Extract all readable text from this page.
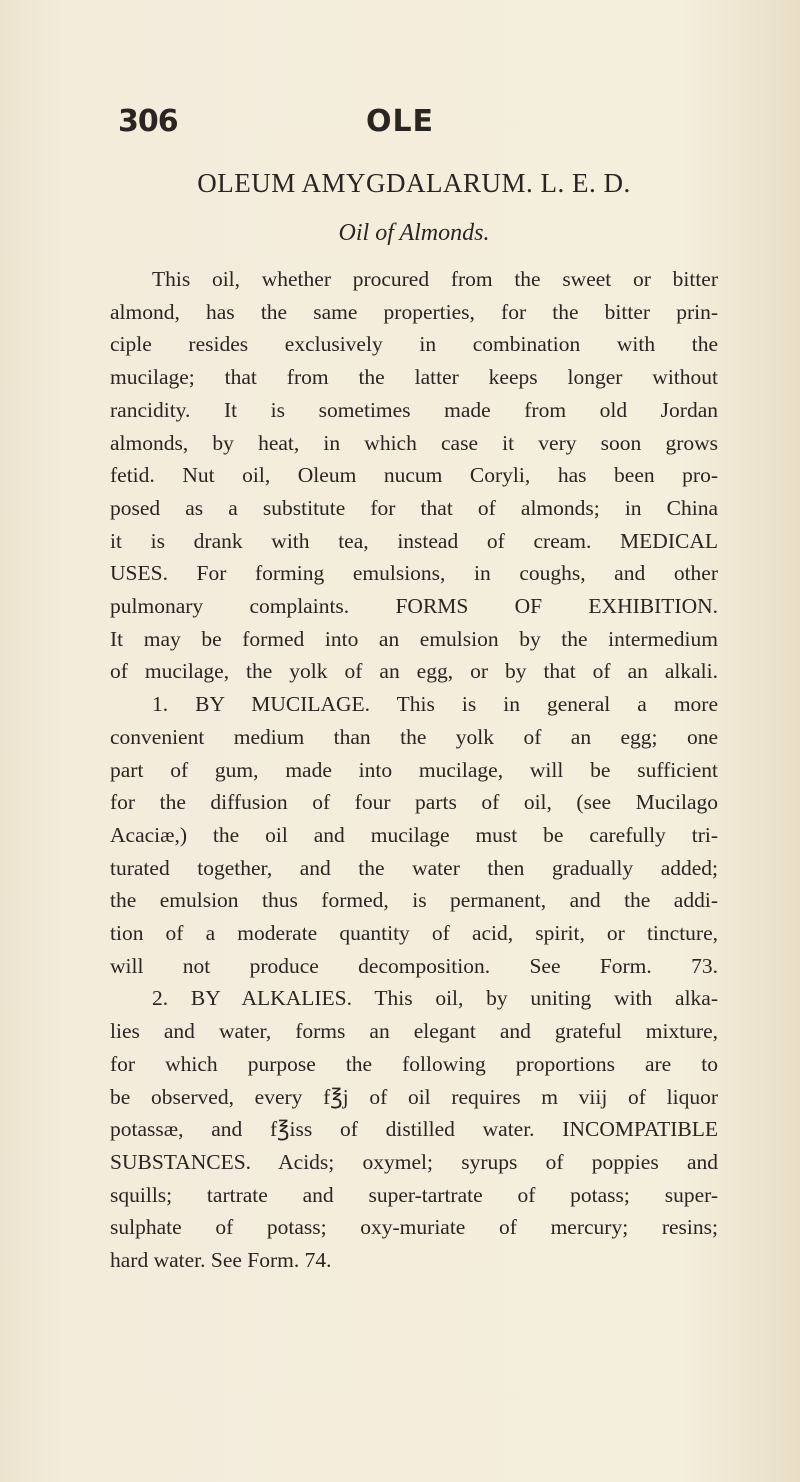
306	OLE
OLEUM AMYGDALARUM. L. E. D.
Oil of Almonds.

This oil, whether procured from the sweet or bitter
almond, has the same properties, for the bitter prin-
ciple resides exclusively in combination with the
mucilage; that from the latter keeps longer without
rancidity. It is sometimes made from old Jordan
almonds, by heat, in which case it very soon grows
fetid. Nut oil, Oleum nucum Coryli, has been pro-
posed as a substitute for that of almonds; in China
it is drank with tea, instead of cream. MEDICAL
USES. For forming emulsions, in coughs, and other
pulmonary complaints. FORMS OF EXHIBITION.
It may be formed into an emulsion by the intermedium
of mucilage, the yolk of an egg, or by that of an alkali.
1. BY MUCILAGE. This is in general a more
convenient medium than the yolk of an egg; one
part of gum, made into mucilage, will be sufficient
for the diffusion of four parts of oil, (see Mucilago
Acaciæ,) the oil and mucilage must be carefully tri-
turated together, and the water then gradually added;
the emulsion thus formed, is permanent, and the addi-
tion of a moderate quantity of acid, spirit, or tincture,
will not produce decomposition. See Form. 73.
2. BY ALKALIES. This oil, by uniting with alka-
lies and water, forms an elegant and grateful mixture,
for which purpose the following proportions are to
be observed, every f℥j of oil requires m viij of liquor
potassæ, and f℥iss of distilled water. INCOMPATIBLE
SUBSTANCES. Acids; oxymel; syrups of poppies and
squills; tartrate and super-tartrate of potass; super-
sulphate of potass; oxy-muriate of mercury; resins;
hard water. See Form. 74.
